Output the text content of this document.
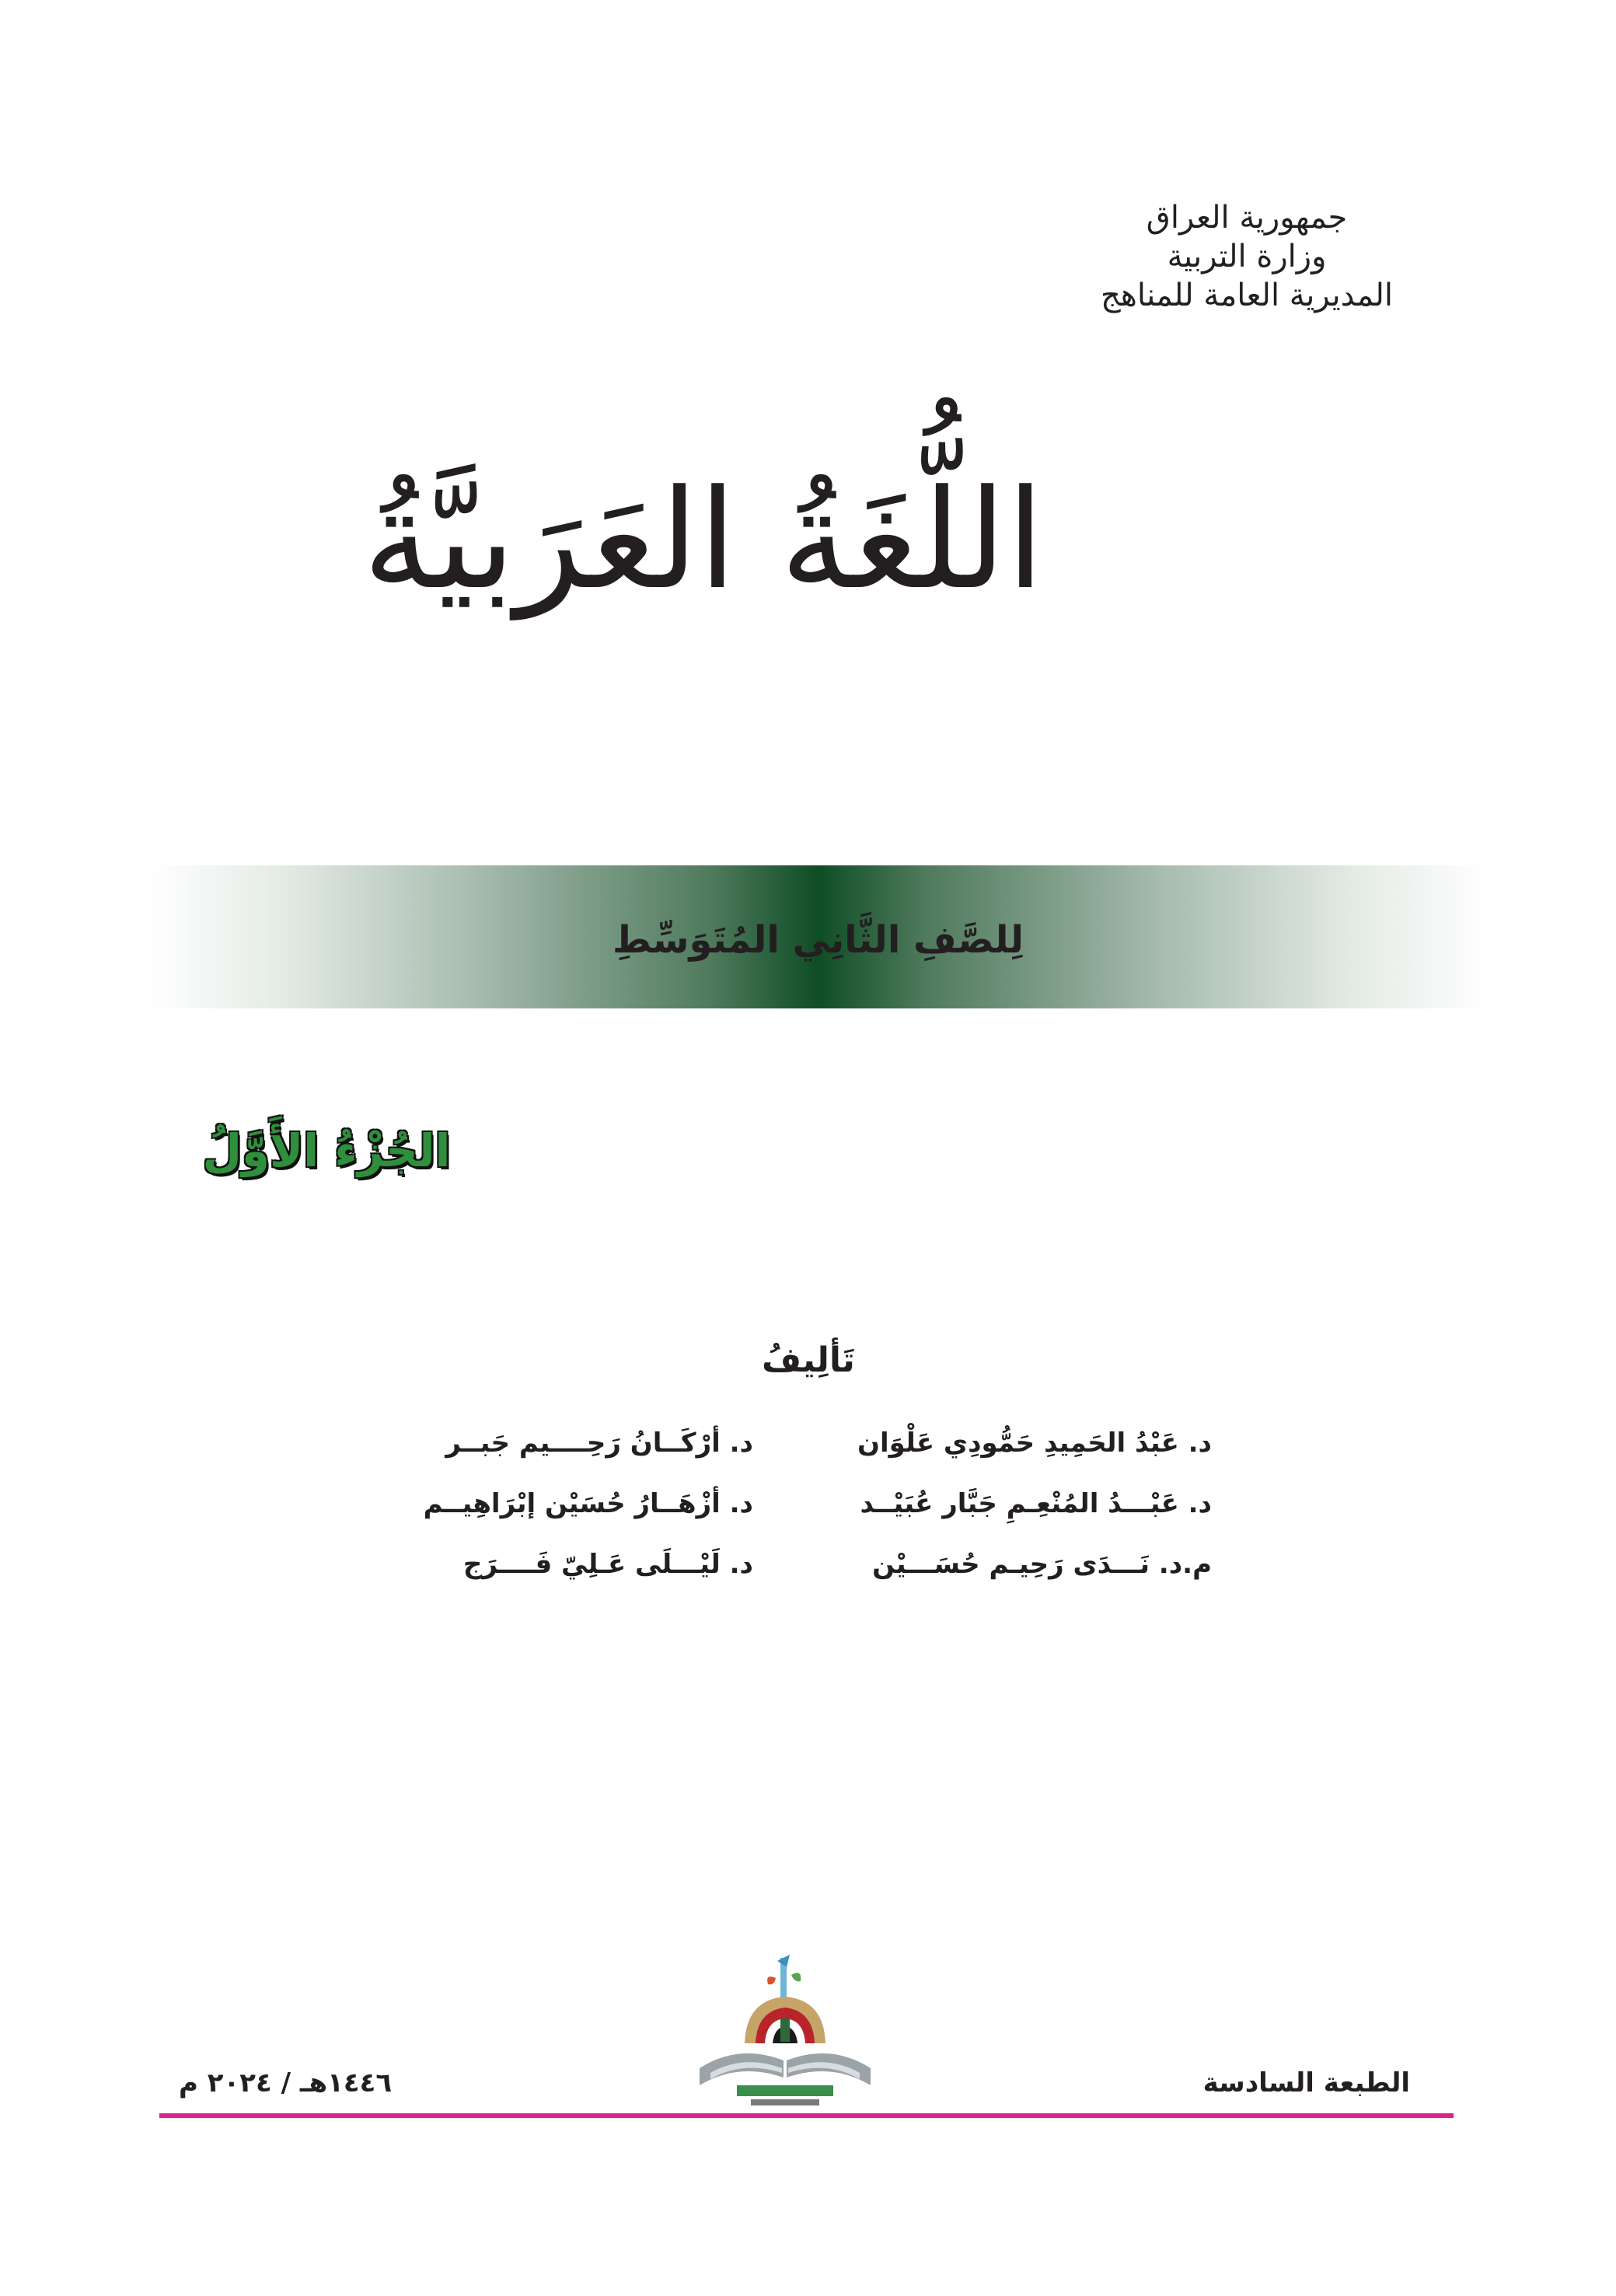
جمهورية العراق
وزارة التربية
المديرية العامة للمناهج
اللُّغَةُ العَرَبيَّةُ
لِلصَّفِ الثَّانِي المُتَوَسِّطِ
الجُزْءُ الأَوَّلُ
تَألِيفُ
د. عَبْدُ الحَمِيدِ حَمُّودِي عَلْوَان
د. أرْكَــانُ رَحِــــيم جَبــر
د. عَبْـــدُ المُنْعِـمِ جَبَّار عُبَيْــد
د. أزْهَــارُ حُسَيْن إبْرَاهِيــم
م.د. نَـــدَى رَحِيـم حُسَـــيْن
د. لَيْـــلَى عَـلِيّ فَــــرَج
الطبعة السادسة
١٤٤٦هـ / ٢٠٢٤ م
